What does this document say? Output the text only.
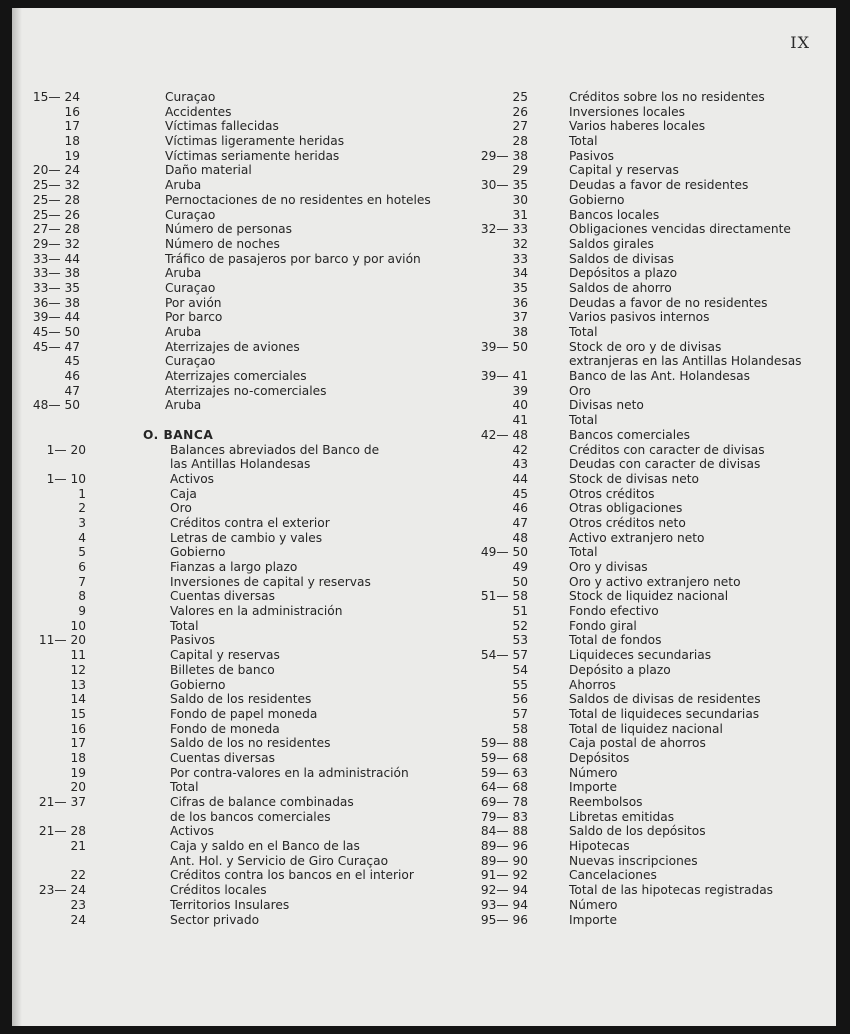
IX
15— 24	Curaçao
16	Accidentes
17	Víctimas fallecidas
18	Víctimas ligeramente heridas
19	Víctimas seriamente heridas
20— 24	Daño material
25— 32	Aruba
25— 28	Pernoctaciones de no residentes en hoteles
25— 26	Curaçao
27— 28	Número de personas
29— 32	Número de noches
33— 44	Tráfico de pasajeros por barco y por avión
33— 38	Aruba
33— 35	Curaçao
36— 38	Por avión
39— 44	Por barco
45— 50	Aruba
45— 47	Aterrizajes de aviones
45	Curaçao
46	Aterrizajes comerciales
47	Aterrizajes no-comerciales
48— 50	Aruba
O. BANCA
1— 20	Balances abreviados del Banco de
las Antillas Holandesas
1— 10	Activos
1	Caja
2	Oro
3	Créditos contra el exterior
4	Letras de cambio y vales
5	Gobierno
6	Fianzas a largo plazo
7	Inversiones de capital y reservas
8	Cuentas diversas
9	Valores en la administración
10	Total
11— 20	Pasivos
11	Capital y reservas
12	Billetes de banco
13	Gobierno
14	Saldo de los residentes
15	Fondo de papel moneda
16	Fondo de moneda
17	Saldo de los no residentes
18	Cuentas diversas
19	Por contra-valores en la administración
20	Total
21— 37	Cifras de balance combinadas
de los bancos comerciales
21— 28	Activos
21	Caja y saldo en el Banco de las
Ant. Hol. y Servicio de Giro Curaçao
22	Créditos contra los bancos en el interior
23— 24	Créditos locales
23	Territorios Insulares
24	Sector privado
25	Créditos sobre los no residentes
26	Inversiones locales
27	Varios haberes locales
28	Total
29— 38	Pasivos
29	Capital y reservas
30— 35	Deudas a favor de residentes
30	Gobierno
31	Bancos locales
32— 33	Obligaciones vencidas directamente
32	Saldos girales
33	Saldos de divisas
34	Depósitos a plazo
35	Saldos de ahorro
36	Deudas a favor de no residentes
37	Varios pasivos internos
38	Total
39— 50	Stock de oro y de divisas
extranjeras en las Antillas Holandesas
39— 41	Banco de las Ant. Holandesas
39	Oro
40	Divisas neto
41	Total
42— 48	Bancos comerciales
42	Créditos con caracter de divisas
43	Deudas con caracter de divisas
44	Stock de divisas neto
45	Otros créditos
46	Otras obligaciones
47	Otros créditos neto
48	Activo extranjero neto
49— 50	Total
49	Oro y divisas
50	Oro y activo extranjero neto
51— 58	Stock de liquidez nacional
51	Fondo efectivo
52	Fondo giral
53	Total de fondos
54— 57	Liquideces secundarias
54	Depósito a plazo
55	Ahorros
56	Saldos de divisas de residentes
57	Total de liquideces secundarias
58	Total de liquidez nacional
59— 88	Caja postal de ahorros
59— 68	Depósitos
59— 63	Número
64— 68	Importe
69— 78	Reembolsos
79— 83	Libretas emitidas
84— 88	Saldo de los depósitos
89— 96	Hipotecas
89— 90	Nuevas inscripciones
91— 92	Cancelaciones
92— 94	Total de las hipotecas registradas
93— 94	Número
95— 96	Importe
